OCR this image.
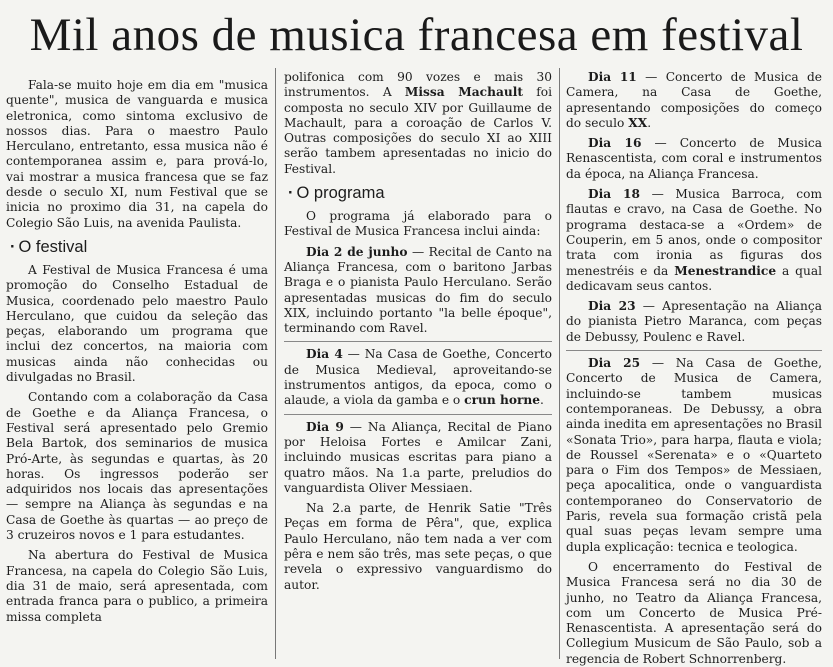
Mil anos de musica francesa em festival

Fala-se muito hoje em dia em "musica quente", musica de vanguarda e musica eletronica, como sintoma exclusivo de nossos dias. Para o maestro Paulo Herculano, entretanto, essa musica não é contemporanea assim e, para prová-lo, vai mostrar a musica francesa que se faz desde o seculo XI, num Festival que se inicia no proximo dia 31, na capela do Colegio São Luis, na avenida Paulista.

· O festival

A Festival de Musica Francesa é uma promoção do Conselho Estadual de Musica, coordenado pelo maestro Paulo Herculano, que cuidou da seleção das peças, elaborando um programa que inclui dez concertos, na maioria com musicas ainda não conhecidas ou divulgadas no Brasil.

Contando com a colaboração da Casa de Goethe e da Aliança Francesa, o Festival será apresentado pelo Gremio Bela Bartok, dos seminarios de musica Pró-Arte, às segundas e quartas, às 20 horas. Os ingressos poderão ser adquiridos nos locais das apresentações — sempre na Aliança às segundas e na Casa de Goethe às quartas — ao preço de 3 cruzeiros novos e 1 para estudantes.

Na abertura do Festival de Musica Francesa, na capela do Colegio São Luis, dia 31 de maio, será apresentada, com entrada franca para o publico, a primeira missa completa

polifonica com 90 vozes e mais 30 instrumentos. A Missa Machault foi composta no seculo XIV por Guillaume de Machault, para a coroação de Carlos V. Outras composições do seculo XI ao XIII serão tambem apresentadas no inicio do Festival.

· O programa

O programa já elaborado para o Festival de Musica Francesa inclui ainda:

Dia 2 de junho — Recital de Canto na Aliança Francesa, com o baritono Jarbas Braga e o pianista Paulo Herculano. Serão apresentadas musicas do fim do seculo XIX, incluindo portanto "la belle époque", terminando com Ravel.

Dia 4 — Na Casa de Goethe, Concerto de Musica Medieval, aproveitando-se instrumentos antigos, da epoca, como o alaude, a viola da gamba e o crun horne.

Dia 9 — Na Aliança, Recital de Piano por Heloisa Fortes e Amilcar Zani, incluindo musicas escritas para piano a quatro mãos. Na 1.a parte, preludios do vanguardista Oliver Messiaen.

Na 2.a parte, de Henrik Satie "Três Peças em forma de Pêra", que, explica Paulo Herculano, não tem nada a ver com pêra e nem são três, mas sete peças, o que revela o expressivo vanguardismo do autor.

Dia 11 — Concerto de Musica de Camera, na Casa de Goethe, apresentando composições do começo do seculo XX.

Dia 16 — Concerto de Musica Renascentista, com coral e instrumentos da época, na Aliança Francesa.

Dia 18 — Musica Barroca, com flautas e cravo, na Casa de Goethe. No programa destaca-se a «Ordem» de Couperin, em 5 anos, onde o compositor trata com ironia as figuras dos menestréis e da Menestrandice a qual dedicavam seus cantos.

Dia 23 — Apresentação na Aliança do pianista Pietro Maranca, com peças de Debussy, Poulenc e Ravel.

Dia 25 — Na Casa de Goethe, Concerto de Musica de Camera, incluindo-se tambem musicas contemporaneas. De Debussy, a obra ainda inedita em apresentações no Brasil «Sonata Trio», para harpa, flauta e viola; de Roussel «Serenata» e o «Quarteto para o Fim dos Tempos» de Messiaen, peça apocalitica, onde o vanguardista contemporaneo do Conservatorio de Paris, revela sua formação cristã pela qual suas peças levam sempre uma dupla explicação: tecnica e teologica.

O encerramento do Festival de Musica Francesa será no dia 30 de junho, no Teatro da Aliança Francesa, com um Concerto de Musica Pré-Renascentista. A apresentação será do Collegium Musicum de São Paulo, sob a regencia de Robert Schnorrenberg.
